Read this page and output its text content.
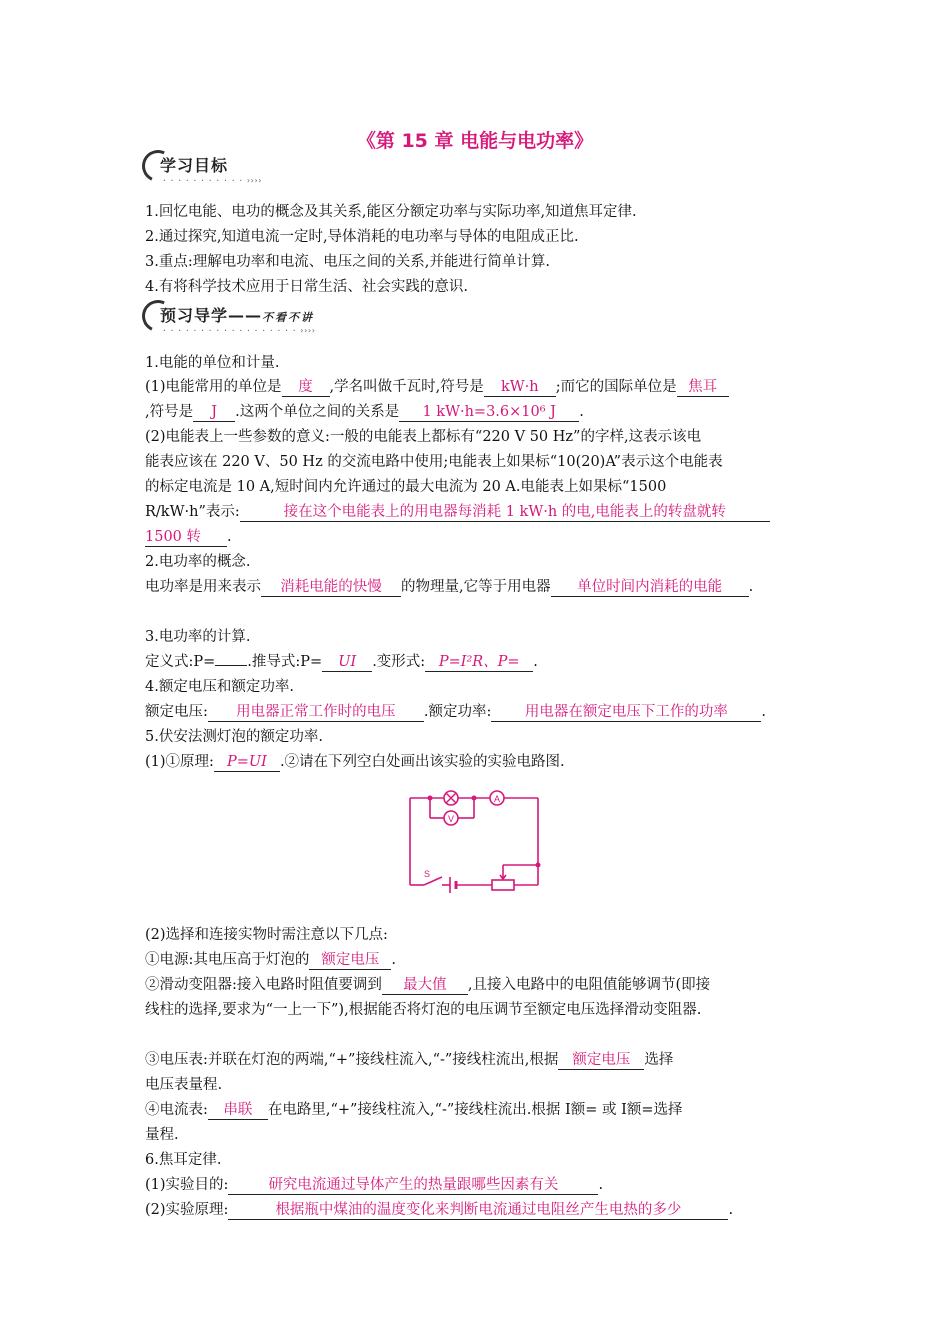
《第 15 章 电能与电功率》
学习目标
· · · · · · · · · · · ››››
1.回忆电能、电功的概念及其关系,能区分额定功率与实际功率,知道焦耳定律.
2.通过探究,知道电流一定时,导体消耗的电功率与导体的电阻成正比.
3.重点:理解电功率和电流、电压之间的关系,并能进行简单计算.
4.有将科学技术应用于日常生活、社会实践的意识.
预习导学——不看不讲
· · · · · · · · · · · · · · · · · · ››››
1.电能的单位和计量.
(1)电能常用的单位是 度 ,学名叫做千瓦时,符号是 kW·h ;而它的国际单位是 焦耳
,符号是 J .这两个单位之间的关系是 1 kW·h=3.6×10⁶ J .
(2)电能表上一些参数的意义:一般的电能表上都标有“220 V 50 Hz”的字样,这表示该电
能表应该在 220 V、50 Hz 的交流电路中使用;电能表上如果标“10(20)A”表示这个电能表
的标定电流是 10 A,短时间内允许通过的最大电流为 20 A.电能表上如果标“1500
R/kW·h”表示:	接在这个电能表上的用电器每消耗 1 kW·h 的电,电能表上的转盘就转
1500 转 .
2.电功率的概念.
电功率是用来表示 消耗电能的快慢 的物理量,它等于用电器 单位时间内消耗的电能 .
3.电功率的计算.
定义式:P= .推导式:P= UI .变形式: P=I²R、P= .
4.额定电压和额定功率.
额定电压: 用电器正常工作时的电压 .额定功率: 用电器在额定电压下工作的功率 .
5.伏安法测灯泡的额定功率.
(1)①原理: P=UI .②请在下列空白处画出该实验的实验电路图.
A
V
S
(2)选择和连接实物时需注意以下几点:
①电源:其电压高于灯泡的 额定电压 .
②滑动变阻器:接入电路时阻值要调到 最大值 ,且接入电路中的电阻值能够调节(即接
线柱的选择,要求为“一上一下”),根据能否将灯泡的电压调节至额定电压选择滑动变阻器.
③电压表:并联在灯泡的两端,“+”接线柱流入,“-”接线柱流出,根据 额定电压 选择
电压表量程.
④电流表: 串联 在电路里,“+”接线柱流入,“-”接线柱流出.根据 I额= 或 I额=选择
量程.
6.焦耳定律.
(1)实验目的:	研究电流通过导体产生的热量跟哪些因素有关	.
(2)实验原理:	根据瓶中煤油的温度变化来判断电流通过电阻丝产生电热的多少	.
